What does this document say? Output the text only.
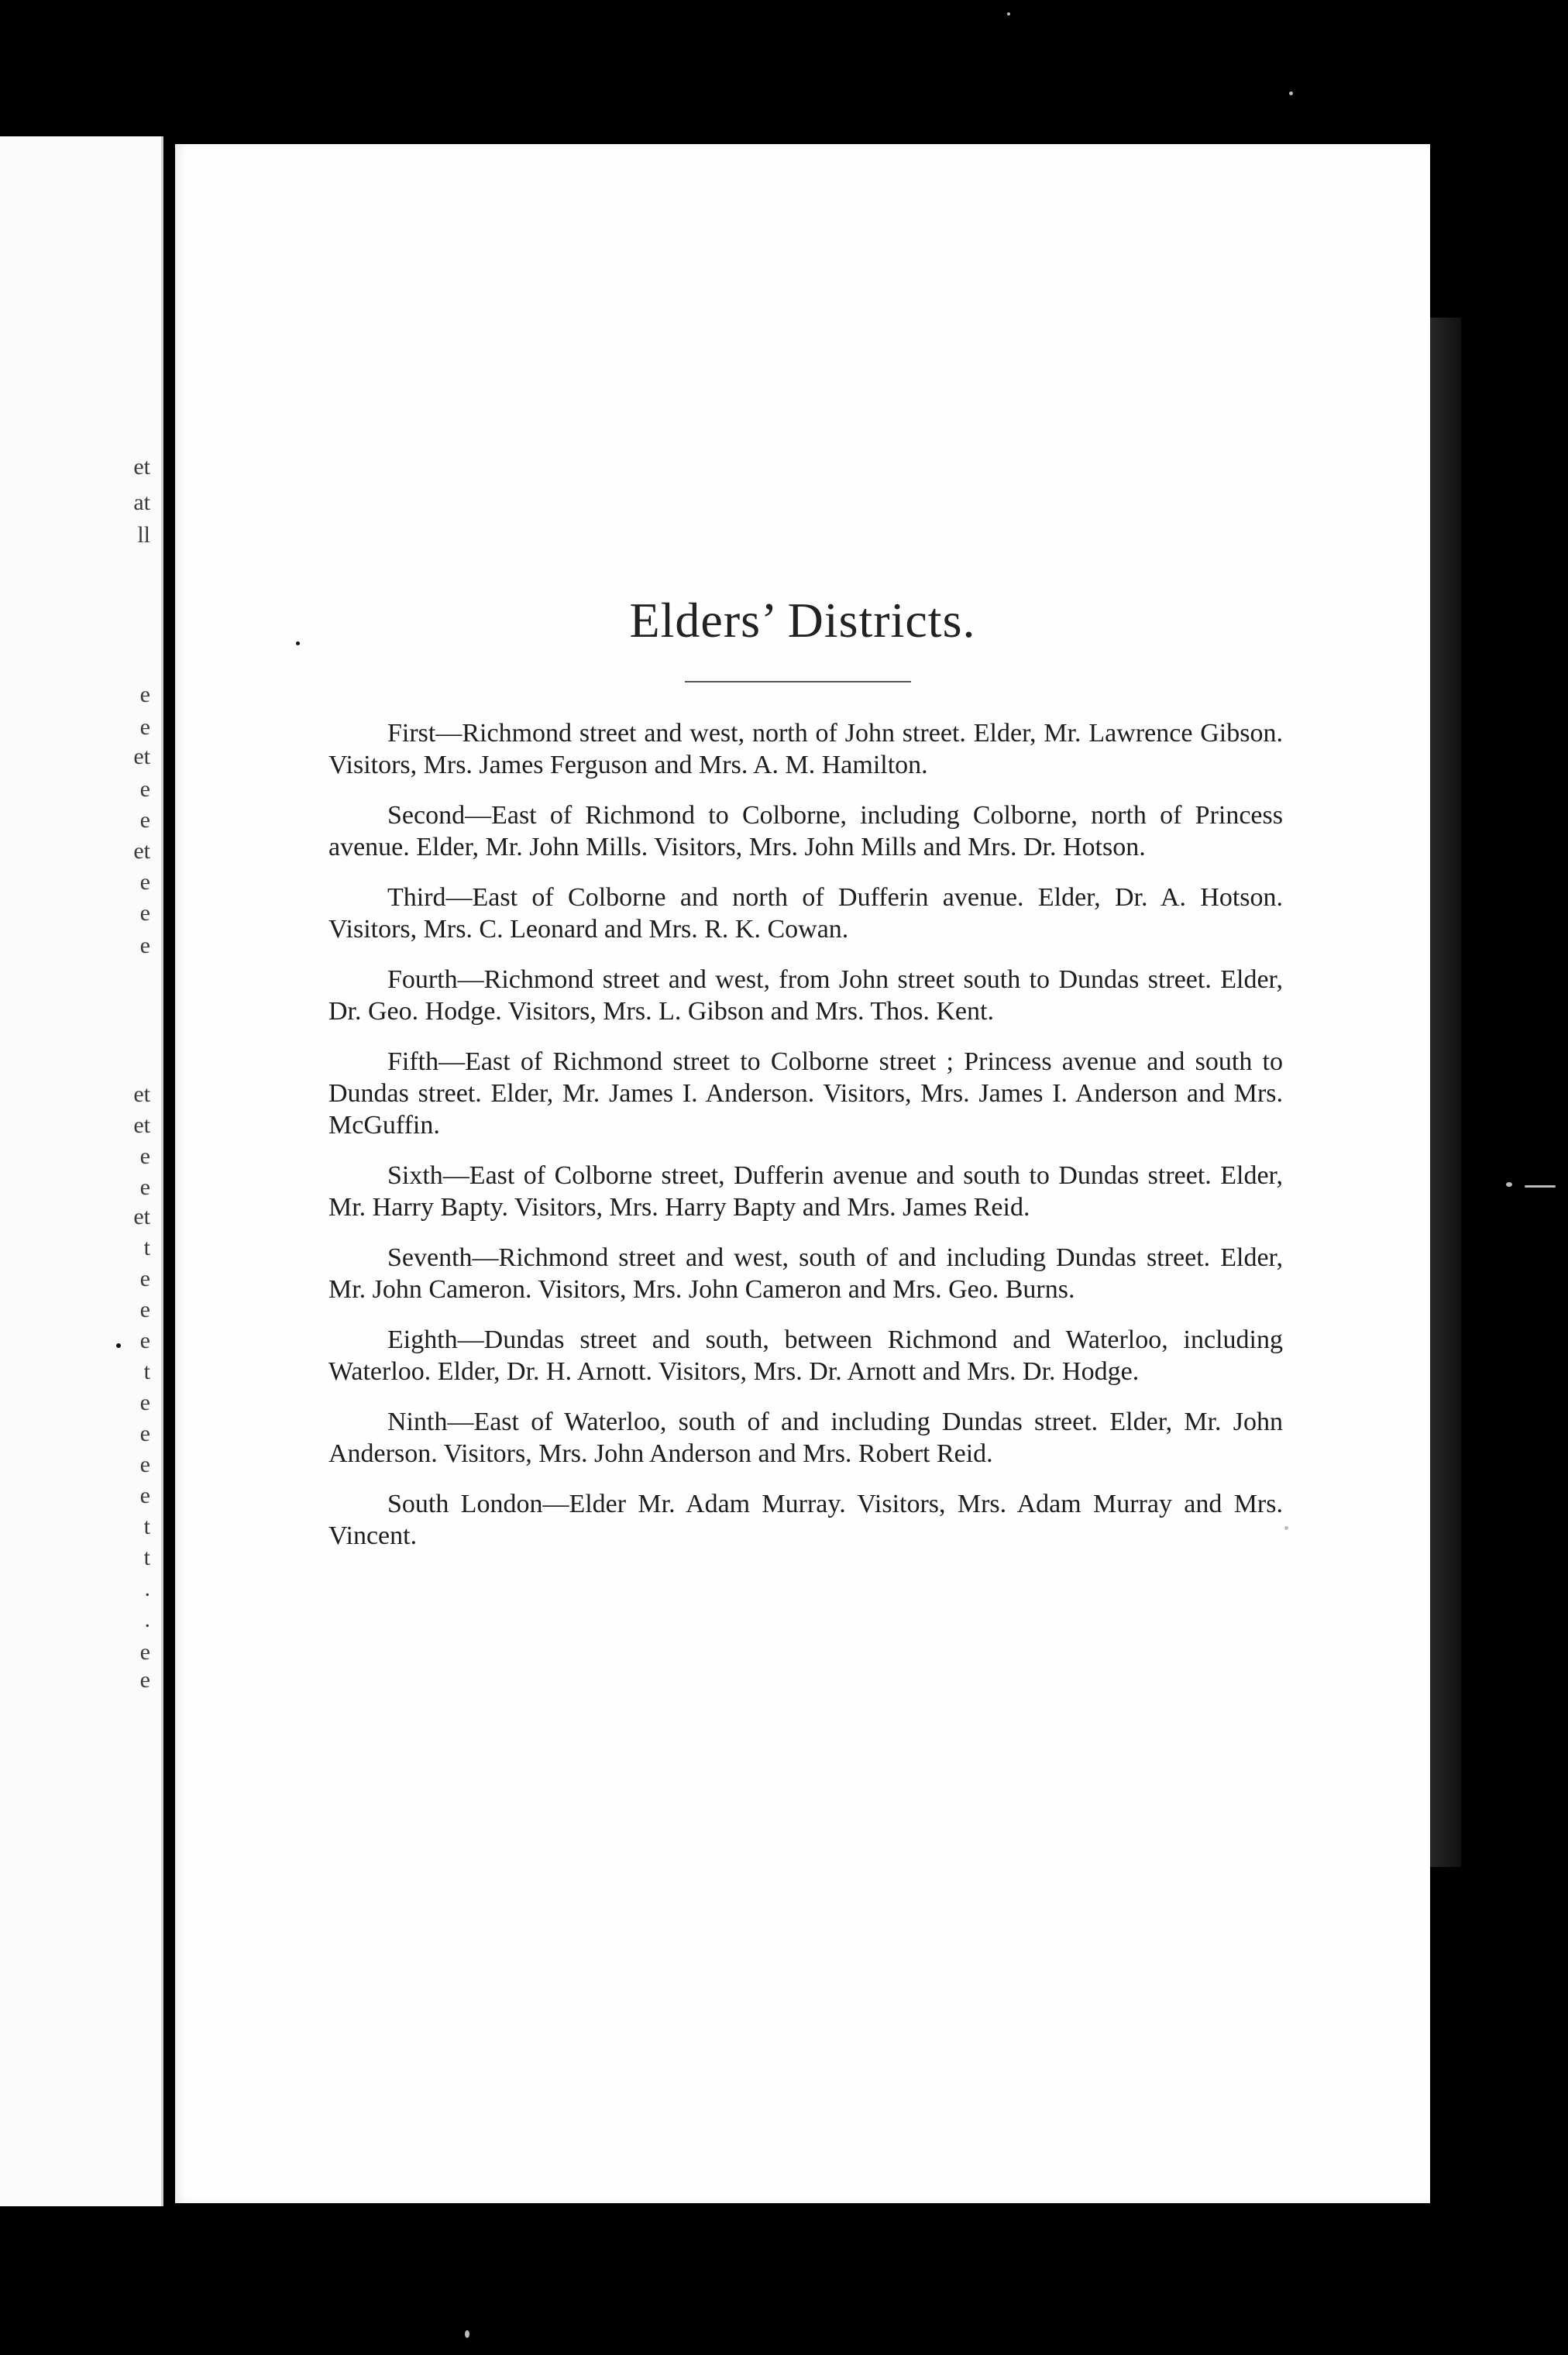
et
at
ll
e
e
et
e
e
et
e
e
e
et
et
e
e
et
t
e
e
e
t
e
e
e
e
t
t
.
.
e
e
Elders’ Districts.

First—Richmond street and west, north of John street. Elder, Mr. Lawrence Gibson. Visitors, Mrs. James Ferguson and Mrs. A. M. Hamilton.

Second—East of Richmond to Colborne, including Colborne, north of Princess avenue. Elder, Mr. John Mills. Visitors, Mrs. John Mills and Mrs. Dr. Hotson.

Third—East of Colborne and north of Dufferin avenue. Elder, Dr. A. Hotson. Visitors, Mrs. C. Leonard and Mrs. R. K. Cowan.

Fourth—Richmond street and west, from John street south to Dundas street. Elder, Dr. Geo. Hodge. Visitors, Mrs. L. Gibson and Mrs. Thos. Kent.

Fifth—East of Richmond street to Colborne street ; Princess avenue and south to Dundas street. Elder, Mr. James I. Anderson. Visitors, Mrs. James I. Anderson and Mrs. McGuffin.

Sixth—East of Colborne street, Dufferin avenue and south to Dundas street. Elder, Mr. Harry Bapty. Visitors, Mrs. Harry Bapty and Mrs. James Reid.

Seventh—Richmond street and west, south of and including Dundas street. Elder, Mr. John Cameron. Visitors, Mrs. John Cameron and Mrs. Geo. Burns.

Eighth—Dundas street and south, between Richmond and Waterloo, including Waterloo. Elder, Dr. H. Arnott. Visitors, Mrs. Dr. Arnott and Mrs. Dr. Hodge.

Ninth—East of Waterloo, south of and including Dundas street. Elder, Mr. John Anderson. Visitors, Mrs. John Anderson and Mrs. Robert Reid.

South London—Elder Mr. Adam Murray. Visitors, Mrs. Adam Murray and Mrs. Vincent.
